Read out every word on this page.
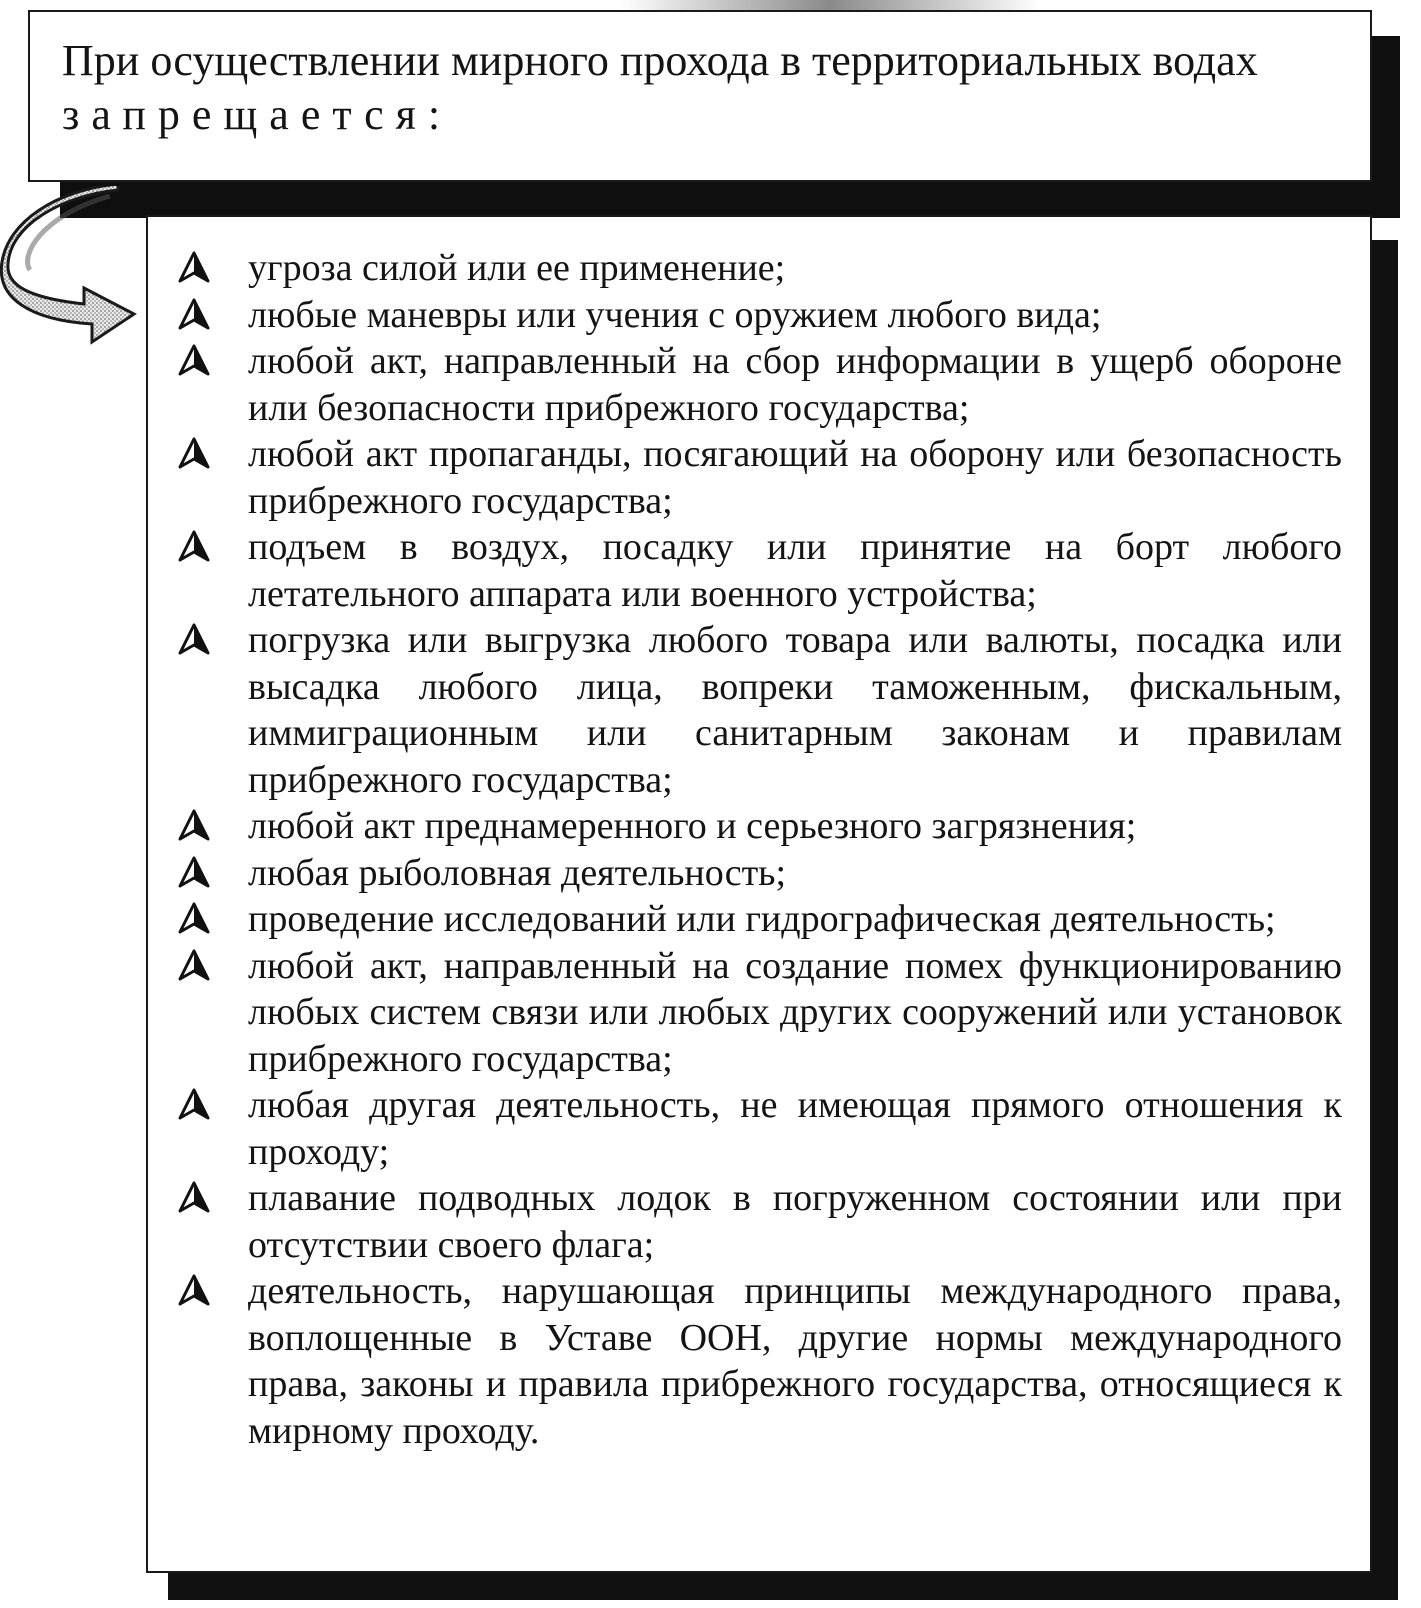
При осуществлении мирного прохода в территориальных водах
запрещается:
угроза силой или ее применение;
любые маневры или учения с оружием любого вида;
любой акт, направленный на сбор информации в ущерб обороне или безопасности прибрежного государства;
любой акт пропаганды, посягающий на оборону или безопасность прибрежного государства;
подъем в воздух, посадку или принятие на борт любого летательного аппарата или военного устройства;
погрузка или выгрузка любого товара или валюты, посадка или высадка любого лица, вопреки таможенным, фискальным, иммиграционным или санитарным законам и правилам прибрежного государства;
любой акт преднамеренного и серьезного загрязнения;
любая рыболовная деятельность;
проведение исследований или гидрографическая деятельность;
любой акт, направленный на создание помех функционированию любых систем связи или любых других сооружений или установок прибрежного государства;
любая другая деятельность, не имеющая прямого отношения к проходу;
плавание подводных лодок в погруженном состоянии или при отсутствии своего флага;
деятельность, нарушающая принципы международного права, воплощенные в Уставе ООН, другие нормы международного права, законы и правила прибрежного государства, относящиеся к мирному проходу.
